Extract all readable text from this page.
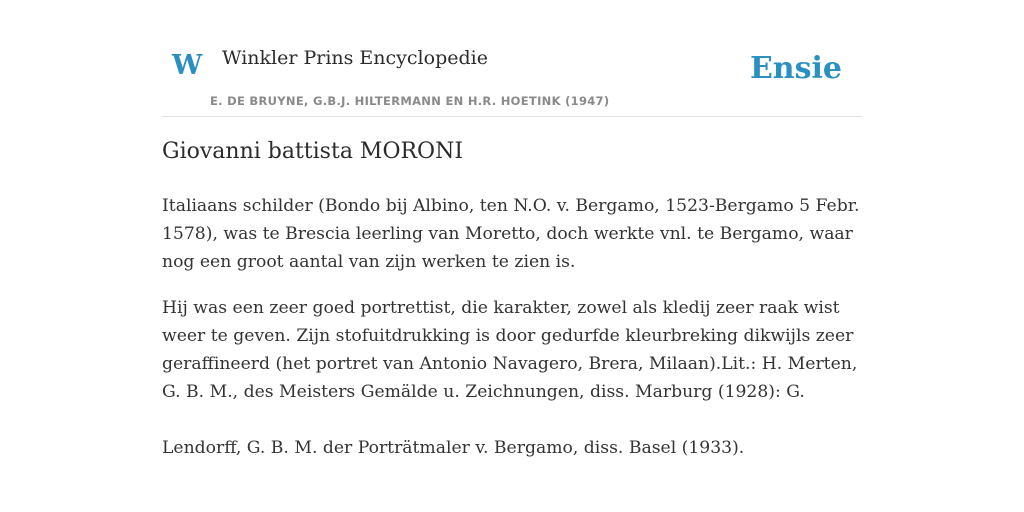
W Winkler Prins Encyclopedie
E. DE BRUYNE, G.B.J. HILTERMANN EN H.R. HOETINK (1947)
Ensie
Giovanni battista MORONI

Italiaans schilder (Bondo bij Albino, ten N.O. v. Bergamo, 1523-Bergamo 5 Febr. 1578), was te Brescia leerling van Moretto, doch werkte vnl. te Bergamo, waar nog een groot aantal van zijn werken te zien is.

Hij was een zeer goed portrettist, die karakter, zowel als kledij zeer raak wist weer te geven. Zijn stofuitdrukking is door gedurfde kleurbreking dikwijls zeer geraffineerd (het portret van Antonio Navagero, Brera, Milaan).Lit.: H. Merten, G. B. M., des Meisters Gemälde u. Zeichnungen, diss. Marburg (1928): G.

Lendorff, G. B. M. der Porträtmaler v. Bergamo, diss. Basel (1933).
